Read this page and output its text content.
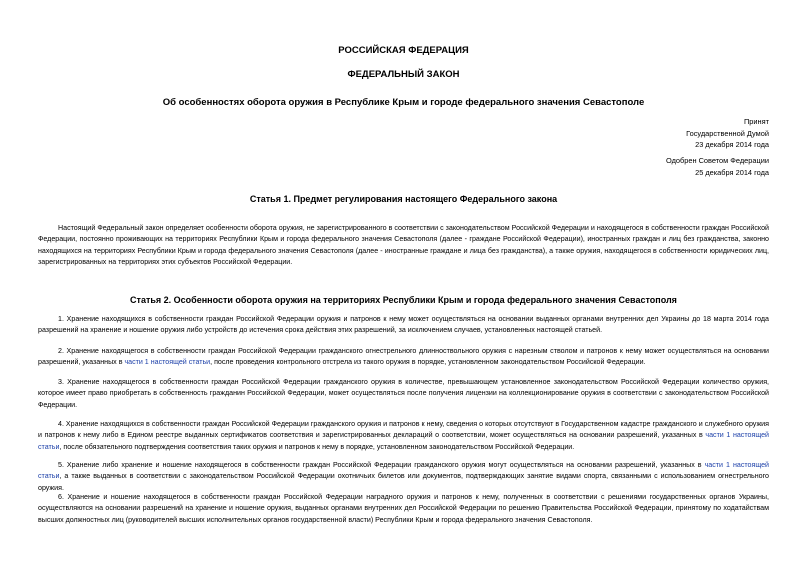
РОССИЙСКАЯ ФЕДЕРАЦИЯ
ФЕДЕРАЛЬНЫЙ ЗАКОН
Об особенностях оборота оружия в Республике Крым и городе федерального значения Севастополе
Принят
Государственной Думой
23 декабря 2014 года
Одобрен Советом Федерации
25 декабря 2014 года
Статья 1. Предмет регулирования настоящего Федерального закона

Настоящий Федеральный закон определяет особенности оборота оружия, не зарегистрированного в соответствии с законодательством Российской Федерации и находящегося в собственности граждан Российской Федерации, постоянно проживающих на территориях Республики Крым и города федерального значения Севастополя (далее - граждане Российской Федерации), иностранных граждан и лиц без гражданства, законно находящихся на территориях Республики Крым и города федерального значения Севастополя (далее - иностранные граждане и лица без гражданства), а также оружия, находящегося в собственности юридических лиц, зарегистрированных на территориях этих субъектов Российской Федерации.

Статья 2. Особенности оборота оружия на территориях Республики Крым и города федерального значения Севастополя

1. Хранение находящихся в собственности граждан Российской Федерации оружия и патронов к нему может осуществляться на основании выданных органами внутренних дел Украины до 18 марта 2014 года разрешений на хранение и ношение оружия либо устройств до истечения срока действия этих разрешений, за исключением случаев, установленных настоящей статьей.

2. Хранение находящегося в собственности граждан Российской Федерации гражданского огнестрельного длинноствольного оружия с нарезным стволом и патронов к нему может осуществляться на основании разрешений, указанных в части 1 настоящей статьи, после проведения контрольного отстрела из такого оружия в порядке, установленном законодательством Российской Федерации.

3. Хранение находящегося в собственности граждан Российской Федерации гражданского оружия в количестве, превышающем установленное законодательством Российской Федерации количество оружия, которое имеет право приобретать в собственность гражданин Российской Федерации, может осуществляться после получения лицензии на коллекционирование оружия в соответствии с законодательством Российской Федерации.

4. Хранение находящихся в собственности граждан Российской Федерации гражданского оружия и патронов к нему, сведения о которых отсутствуют в Государственном кадастре гражданского и служебного оружия и патронов к нему либо в Едином реестре выданных сертификатов соответствия и зарегистрированных деклараций о соответствии, может осуществляться на основании разрешений, указанных в части 1 настоящей статьи, после обязательного подтверждения соответствия таких оружия и патронов к нему в порядке, установленном законодательством Российской Федерации.

5. Хранение либо хранение и ношение находящегося в собственности граждан Российской Федерации гражданского оружия могут осуществляться на основании разрешений, указанных в части 1 настоящей статьи, а также выданных в соответствии с законодательством Российской Федерации охотничьих билетов или документов, подтверждающих занятие видами спорта, связанными с использованием огнестрельного оружия.

6. Хранение и ношение находящегося в собственности граждан Российской Федерации наградного оружия и патронов к нему, полученных в соответствии с решениями государственных органов Украины, осуществляются на основании разрешений на хранение и ношение оружия, выданных органами внутренних дел Российской Федерации по решению Правительства Российской Федерации, принятому по ходатайствам высших должностных лиц (руководителей высших исполнительных органов государственной власти) Республики Крым и города федерального значения Севастополя.
